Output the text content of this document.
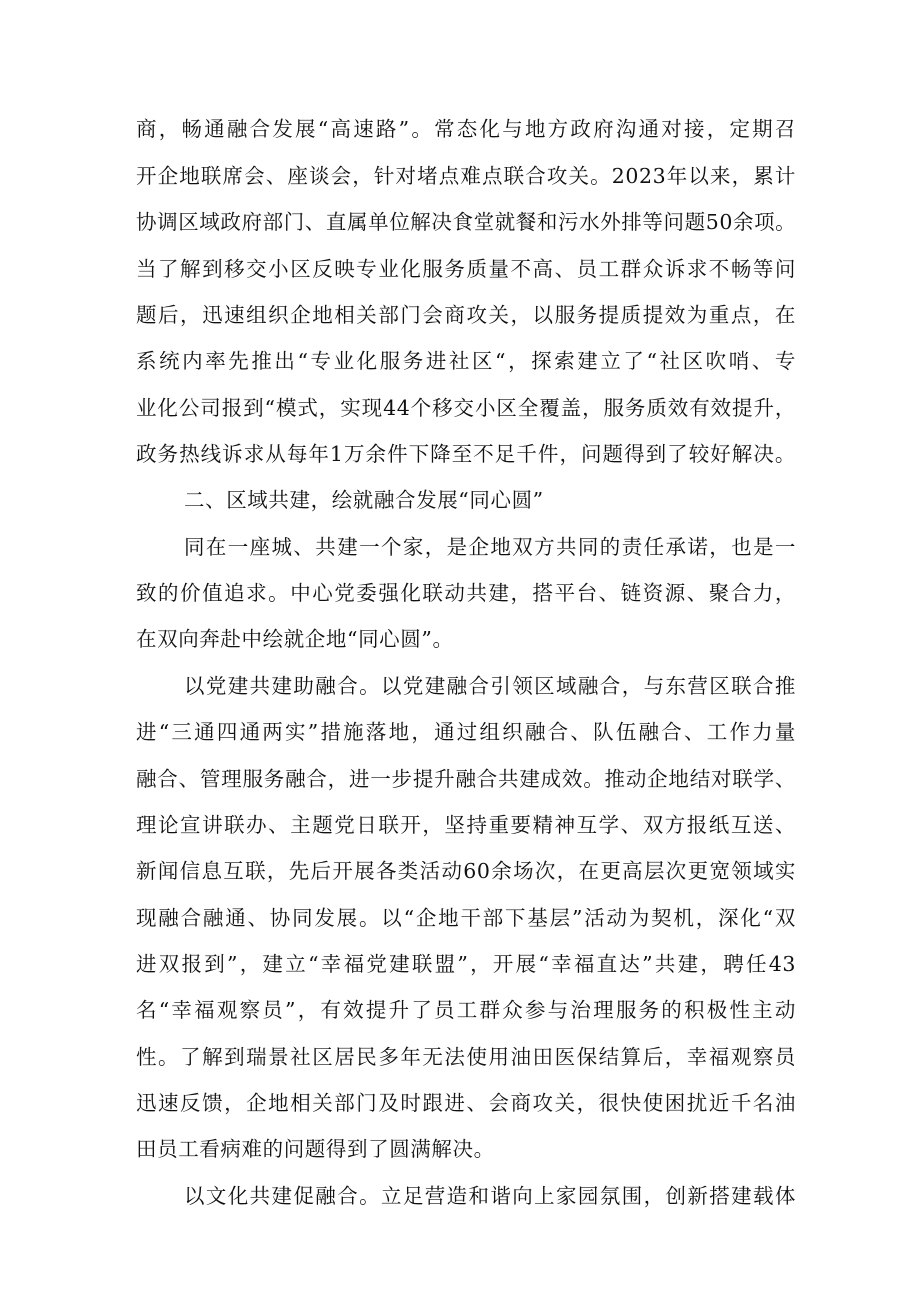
商，畅通融合发展“高速路”。常态化与地方政府沟通对接，定期召
开企地联席会、座谈会，针对堵点难点联合攻关。2023年以来，累计
协调区域政府部门、直属单位解决食堂就餐和污水外排等问题50余项。
当了解到移交小区反映专业化服务质量不高、员工群众诉求不畅等问
题后，迅速组织企地相关部门会商攻关，以服务提质提效为重点，在
系统内率先推出“专业化服务进社区“，探索建立了“社区吹哨、专
业化公司报到“模式，实现44个移交小区全覆盖，服务质效有效提升，
政务热线诉求从每年1万余件下降至不足千件，问题得到了较好解决。
二、区域共建，绘就融合发展“同心圆”
同在一座城、共建一个家，是企地双方共同的责任承诺，也是一
致的价值追求。中心党委强化联动共建，搭平台、链资源、聚合力，
在双向奔赴中绘就企地“同心圆”。
以党建共建助融合。以党建融合引领区域融合，与东营区联合推
进“三通四通两实”措施落地，通过组织融合、队伍融合、工作力量
融合、管理服务融合，进一步提升融合共建成效。推动企地结对联学、
理论宣讲联办、主题党日联开，坚持重要精神互学、双方报纸互送、
新闻信息互联，先后开展各类活动60余场次，在更高层次更宽领域实
现融合融通、协同发展。以“企地干部下基层”活动为契机，深化“双
进双报到”，建立“幸福党建联盟”，开展“幸福直达”共建，聘任43
名“幸福观察员”，有效提升了员工群众参与治理服务的积极性主动
性。了解到瑞景社区居民多年无法使用油田医保结算后，幸福观察员
迅速反馈，企地相关部门及时跟进、会商攻关，很快使困扰近千名油
田员工看病难的问题得到了圆满解决。
以文化共建促融合。立足营造和谐向上家园氛围，创新搭建载体
